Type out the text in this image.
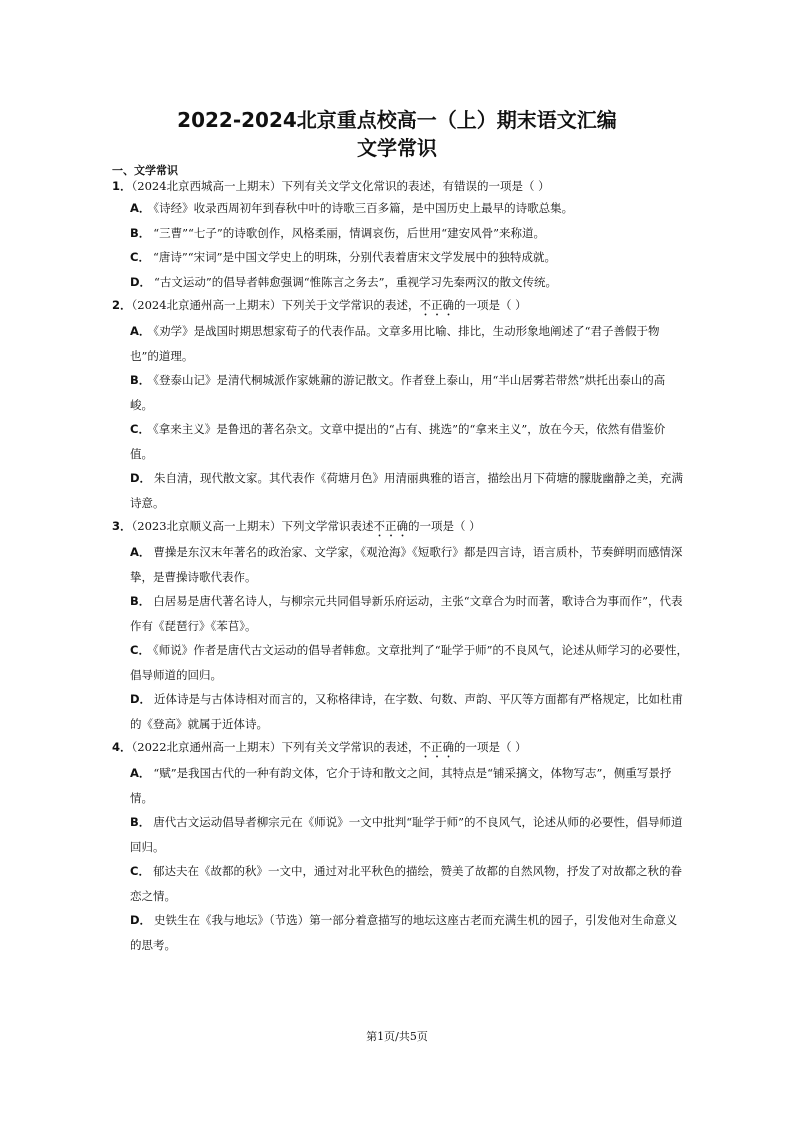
2022-2024北京重点校高一（上）期末语文汇编
文学常识
一、文学常识

1．（2024北京西城高一上期末）下列有关文学文化常识的表述，有错误的一项是（ ）

A． 《诗经》收录西周初年到春秋中叶的诗歌三百多篇，是中国历史上最早的诗歌总集。

B． “三曹”“七子”的诗歌创作，风格柔丽，情调哀伤，后世用“建安风骨”来称道。

C． “唐诗”“宋词”是中国文学史上的明珠，分别代表着唐宋文学发展中的独特成就。

D． “古文运动”的倡导者韩愈强调“惟陈言之务去”，重视学习先秦两汉的散文传统。

2．（2024北京通州高一上期末）下列关于文学常识的表述，不正确的一项是（ ）

A． 《劝学》是战国时期思想家荀子的代表作品。文章多用比喻、排比，生动形象地阐述了“君子善假于物也”的道理。

B． 《登泰山记》是清代桐城派作家姚鼐的游记散文。作者登上泰山，用“半山居雾若带然”烘托出泰山的高峻。

C． 《拿来主义》是鲁迅的著名杂文。文章中提出的“占有、挑选”的“拿来主义”，放在今天，依然有借鉴价值。

D． 朱自清，现代散文家。其代表作《荷塘月色》用清丽典雅的语言，描绘出月下荷塘的朦胧幽静之美，充满诗意。

3．（2023北京顺义高一上期末）下列文学常识表述不正确的一项是（ ）

A． 曹操是东汉末年著名的政治家、文学家，《观沧海》《短歌行》都是四言诗，语言质朴，节奏鲜明而感情深挚，是曹操诗歌代表作。

B． 白居易是唐代著名诗人，与柳宗元共同倡导新乐府运动，主张“文章合为时而著，歌诗合为事而作”，代表作有《琵琶行》《苯苢》。

C． 《师说》作者是唐代古文运动的倡导者韩愈。文章批判了“耻学于师”的不良风气，论述从师学习的必要性，倡导师道的回归。

D． 近体诗是与古体诗相对而言的，又称格律诗，在字数、句数、声韵、平仄等方面都有严格规定，比如杜甫的《登高》就属于近体诗。

4．（2022北京通州高一上期末）下列有关文学常识的表述，不正确的一项是（ ）

A． “赋”是我国古代的一种有韵文体，它介于诗和散文之间，其特点是“铺采摛文，体物写志”，侧重写景抒情。

B． 唐代古文运动倡导者柳宗元在《师说》一文中批判“耻学于师”的不良风气，论述从师的必要性，倡导师道回归。

C． 郁达夫在《故都的秋》一文中，通过对北平秋色的描绘，赞美了故都的自然风物，抒发了对故都之秋的眷恋之情。

D． 史铁生在《我与地坛》（节选）第一部分着意描写的地坛这座古老而充满生机的园子，引发他对生命意义的思考。

第1页/共5页
